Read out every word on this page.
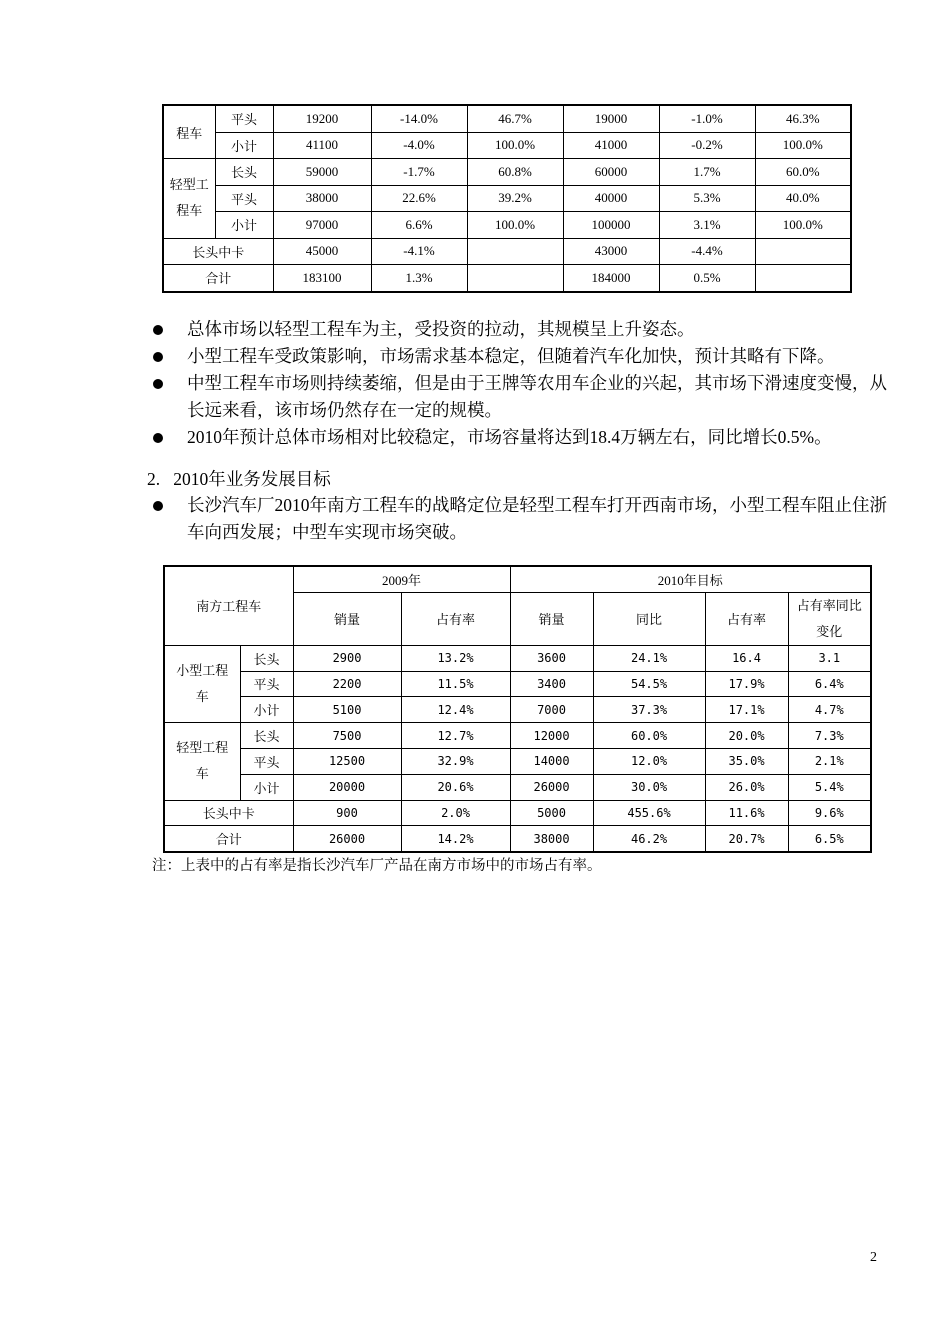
程车	平头	19200	-14.0%	46.7%	19000	-1.0%	46.3%
	小计	41100	-4.0%	100.0%	41000	-0.2%	100.0%
轻型工程车	长头	59000	-1.7%	60.8%	60000	1.7%	60.0%
	平头	38000	22.6%	39.2%	40000	5.3%	40.0%
	小计	97000	6.6%	100.0%	100000	3.1%	100.0%
长头中卡		45000	-4.1%		43000	-4.4%	
合计		183100	1.3%		184000	0.5%	
总体市场以轻型工程车为主，受投资的拉动，其规模呈上升姿态。
小型工程车受政策影响，市场需求基本稳定，但随着汽车化加快，预计其略有下降。
中型工程车市场则持续萎缩，但是由于王牌等农用车企业的兴起，其市场下滑速度变慢，从长远来看，该市场仍然存在一定的规模。
2010年预计总体市场相对比较稳定，市场容量将达到18.4万辆左右，同比增长0.5%。
2.   2010年业务发展目标
长沙汽车厂2010年南方工程车的战略定位是轻型工程车打开西南市场，小型工程车阻止住浙车向西发展；中型车实现市场突破。
南方工程车		2009年		2010年目标			
		销量	占有率	销量	同比	占有率	占有率同比变化
小型工程车	长头	2900	13.2%	3600	24.1%	16.4	3.1
	平头	2200	11.5%	3400	54.5%	17.9%	6.4%
	小计	5100	12.4%	7000	37.3%	17.1%	4.7%
轻型工程车	长头	7500	12.7%	12000	60.0%	20.0%	7.3%
	平头	12500	32.9%	14000	12.0%	35.0%	2.1%
	小计	20000	20.6%	26000	30.0%	26.0%	5.4%
长头中卡		900	2.0%	5000	455.6%	11.6%	9.6%
合计		26000	14.2%	38000	46.2%	20.7%	6.5%
注：上表中的占有率是指长沙汽车厂产品在南方市场中的市场占有率。
2
